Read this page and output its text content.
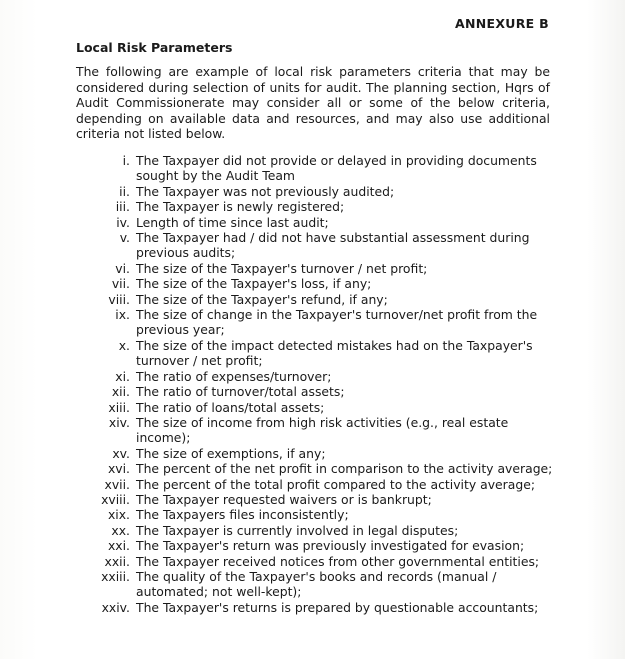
ANNEXURE B
Local Risk Parameters

The following are example of local risk parameters criteria that may be considered during selection of units for audit. The planning section, Hqrs of Audit Commissionerate may consider all or some of the below criteria, depending on available data and resources, and may also use additional criteria not listed below.

i. The Taxpayer did not provide or delayed in providing documents sought by the Audit Team
ii. The Taxpayer was not previously audited;
iii. The Taxpayer is newly registered;
iv. Length of time since last audit;
v. The Taxpayer had / did not have substantial assessment during previous audits;
vi. The size of the Taxpayer's turnover / net profit;
vii. The size of the Taxpayer's loss, if any;
viii. The size of the Taxpayer's refund, if any;
ix. The size of change in the Taxpayer's turnover/net profit from the previous year;
x. The size of the impact detected mistakes had on the Taxpayer's turnover / net profit;
xi. The ratio of expenses/turnover;
xii. The ratio of turnover/total assets;
xiii. The ratio of loans/total assets;
xiv. The size of income from high risk activities (e.g., real estate income);
xv. The size of exemptions, if any;
xvi. The percent of the net profit in comparison to the activity average;
xvii. The percent of the total profit compared to the activity average;
xviii. The Taxpayer requested waivers or is bankrupt;
xix. The Taxpayers files inconsistently;
xx. The Taxpayer is currently involved in legal disputes;
xxi. The Taxpayer's return was previously investigated for evasion;
xxii. The Taxpayer received notices from other governmental entities;
xxiii. The quality of the Taxpayer's books and records (manual / automated; not well-kept);
xxiv. The Taxpayer's returns is prepared by questionable accountants;
